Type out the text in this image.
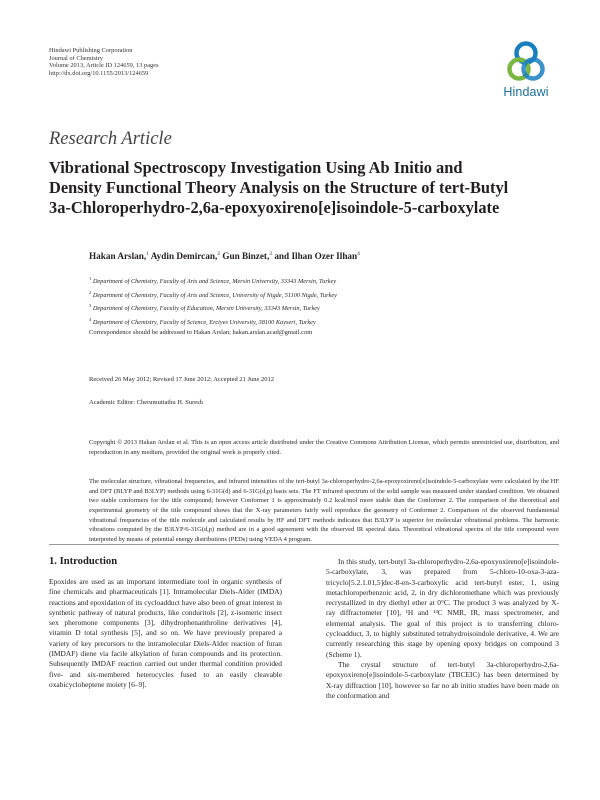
Hindawi Publishing Corporation
Journal of Chemistry
Volume 2013, Article ID 124659, 13 pages
http://dx.doi.org/10.1155/2013/124659
Hindawi
Research Article
Vibrational Spectroscopy Investigation Using Ab Initio and
Density Functional Theory Analysis on the Structure of tert-Butyl
3a-Chloroperhydro-2,6a-epoxyoxireno[e]isoindole-5-carboxylate
Hakan Arslan,$^1$ Aydin Demircan,$^2$ Gun Binzet,$^3$ and Ilhan Ozer Ilhan$^4$
$^1$ Department of Chemistry, Faculty of Arts and Science, Mersin University, 33343 Mersin, Turkey
$^2$ Department of Chemistry, Faculty of Arts and Science, University of Nigde, 51100 Nigde, Turkey
$^3$ Department of Chemistry, Faculty of Education, Mersin University, 33343 Mersin, Turkey
$^4$ Department of Chemistry, Faculty of Science, Erciyes University, 38100 Kayseri, Turkey
Correspondence should be addressed to Hakan Arslan; hakan.arslan.acad@gmail.com
Received 26 May 2012; Revised 17 June 2012; Accepted 21 June 2012
Academic Editor: Cherumuttathu H. Suresh
Copyright © 2013 Hakan Arslan et al. This is an open access article distributed under the Creative Commons Attribution License, which permits unrestricted use, distribution, and reproduction in any medium, provided the original work is properly cited.
The molecular structure, vibrational frequencies, and infrared intensities of the tert-butyl 3a-chloroperhydro-2,6a-epoxyoxireno[e]isoindole-5-carboxylate were calculated by the HF and DFT (BLYP and B3LYP) methods using 6-31G(d) and 6-31G(d,p) basis sets. The FT infrared spectrum of the solid sample was measured under standard condition. We obtained two stable conformers for the title compound; however Conformer 1 is approximately 0.2 kcal/mol more stable than the Conformer 2. The comparison of the theoretical and experimental geometry of the title compound shows that the X-ray parameters fairly well reproduce the geometry of Conformer 2. Comparison of the observed fundamental vibrational frequencies of the title molecule and calculated results by HF and DFT methods indicates that B3LYP is superior for molecular vibrational problems. The harmonic vibrations computed by the B3LYP/6-31G(d,p) method are in a good agreement with the observed IR spectral data. Theoretical vibrational spectra of the title compound were interpreted by means of potential energy distributions (PEDs) using VEDA 4 program.
1. Introduction

Epoxides are used as an important intermediate tool in organic synthesis of fine chemicals and pharmaceuticals [1]. Intramolecular Diels-Alder (IMDA) reactions and epoxidation of its cycloadduct have also been of great interest in synthetic pathway of natural products, like conduritols [2], z-isomeric insect sex pheromone components [3], dihydrophenanthroline derivatives [4], vitamin D total synthesis [5], and so on. We have previously prepared a variety of key precursors to the intramolecular Diels-Alder reaction of furan (IMDAF) diene via facile alkylation of furan compounds and its protection. Subsequently IMDAF reaction carried out under thermal condition provided five- and six-membered heterocycles fused to an easily cleavable oxabicycloheptene moiety [6–9].

In this study, tert-butyl 3a-chloroperhydro-2,6a-epoxyoxireno[e]isoindole-5-carboxylate, 3, was prepared from 5-chloro-10-oxa-3-aza-tricyclo[5.2.1.01,5]dec-8-en-3-carboxylic acid tert-butyl ester, 1, using metachloroperbenzoic acid, 2, in dry dichloromethane which was previously recrystallized in dry diethyl ether at 0°C. The product 3 was analyzed by X-ray diffractometer [10], ¹H and ¹³C NMR, IR, mass spectrometer, and elemental analysis. The goal of this project is to transferring chloro-cycloadduct, 3, to highly substituted tetrahydroisoindole derivative, 4. We are currently researching this stage by opening epoxy bridges on compound 3 (Scheme 1).

The crystal structure of tert-butyl 3a-chloroperhydro-2,6a-epoxyoxireno[e]isoindole-5-carboxylate (TBCEIC) has been determined by X-ray diffraction [10], however so far no ab initio studies have been made on the conformation and
